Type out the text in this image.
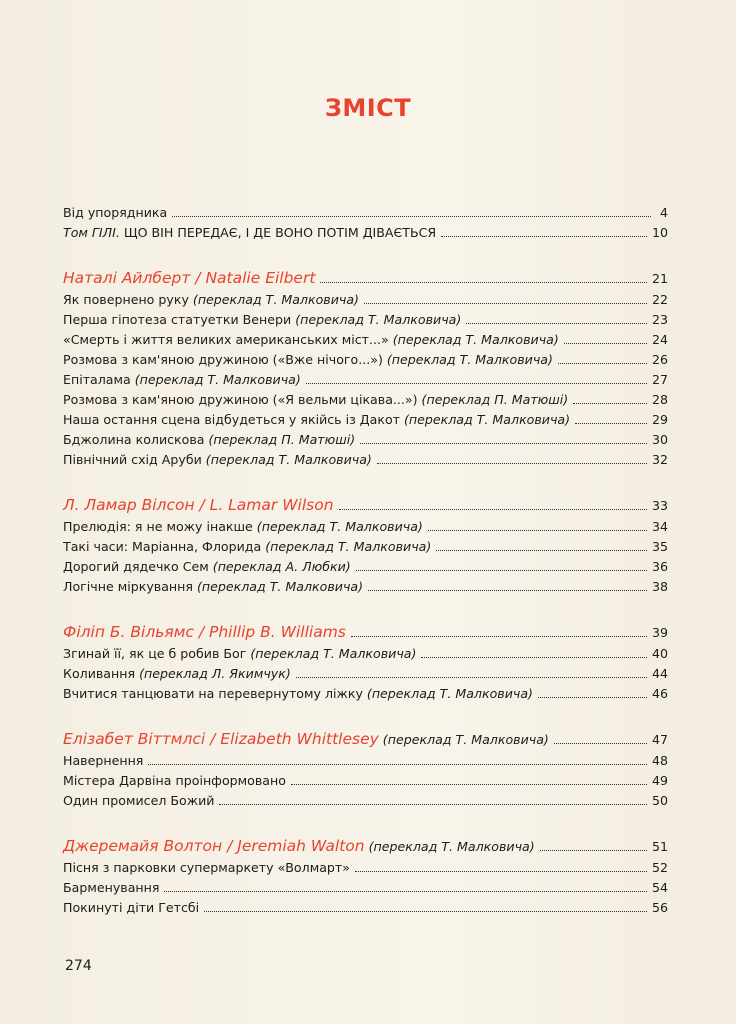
ЗМІСТ
Від упорядника	4
Том ГІЛІ. ЩО ВІН ПЕРЕДАЄ, І ДЕ ВОНО ПОТІМ ДІВАЄТЬСЯ	10
Наталі Айлберт / Natalie Eilbert	21
Як повернено руку (переклад Т. Малковича)	22
Перша гіпотеза статуетки Венери (переклад Т. Малковича)	23
«Смерть і життя великих американських міст...» (переклад Т. Малковича)	24
Розмова з кам'яною дружиною («Вже нічого...») (переклад Т. Малковича)	26
Епіталама (переклад Т. Малковича)	27
Розмова з кам'яною дружиною («Я вельми цікава...») (переклад П. Матюші)	28
Наша остання сцена відбудеться у якійсь із Дакот (переклад Т. Малковича)	29
Бджолина колискова (переклад П. Матюші)	30
Північний схід Аруби (переклад Т. Малковича)	32
Л. Ламар Вілсон / L. Lamar Wilson	33
Прелюдія: я не можу інакше (переклад Т. Малковича)	34
Такі часи: Маріанна, Флорида (переклад Т. Малковича)	35
Дорогий дядечко Сем (переклад А. Любки)	36
Логічне міркування (переклад Т. Малковича)	38
Філіп Б. Вільямс / Phillip B. Williams	39
Згинай її, як це б робив Бог (переклад Т. Малковича)	40
Коливання (переклад Л. Якимчук)	44
Вчитися танцювати на перевернутому ліжку (переклад Т. Малковича)	46
Елізабет Віттмлсі / Elizabeth Whittlesey (переклад Т. Малковича)	47
Навернення	48
Містера Дарвіна проінформовано	49
Один промисел Божий	50
Джеремайя Волтон / Jeremiah Walton (переклад Т. Малковича)	51
Пісня з парковки супермаркету «Волмарт»	52
Барменування	54
Покинуті діти Гетсбі	56
274
